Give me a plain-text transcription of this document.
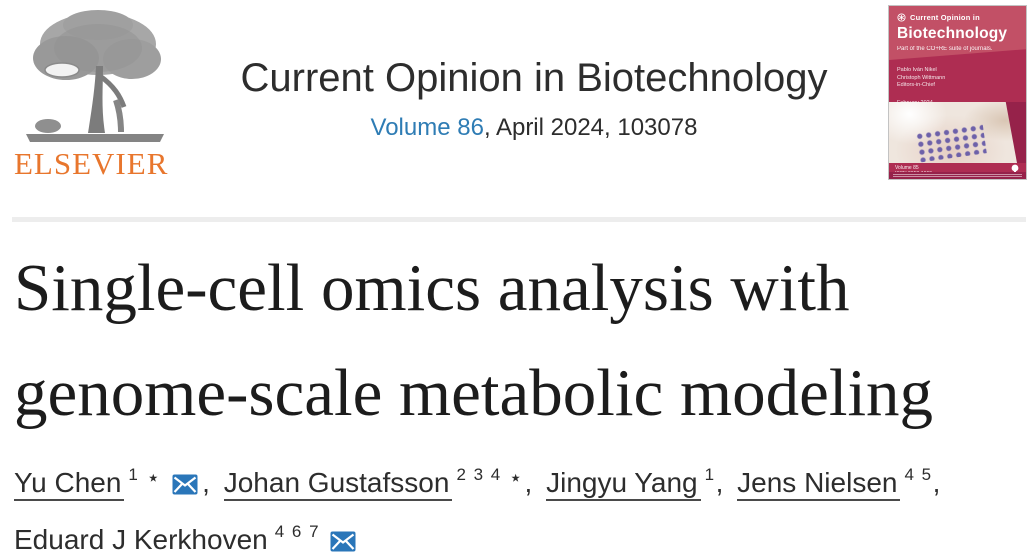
ELSEVIER
Current Opinion in Biotechnology
Volume 86, April 2024, 103078
Current Opinion in
Biotechnology
Part of the CO+RE suite of journals.
Pablo Iván Nikel
Christoph Wittmann
Editors-in-Chief
Volume 85
Single-cell omics analysis with
genome-scale metabolic modeling
Yu Chen $^1$ ⋆ , Johan Gustafsson $^{2 3 4}$ ⋆, Jingyu Yang $^1$, Jens Nielsen $^{4 5}$, Eduard J Kerkhoven $^{4 6 7}$
